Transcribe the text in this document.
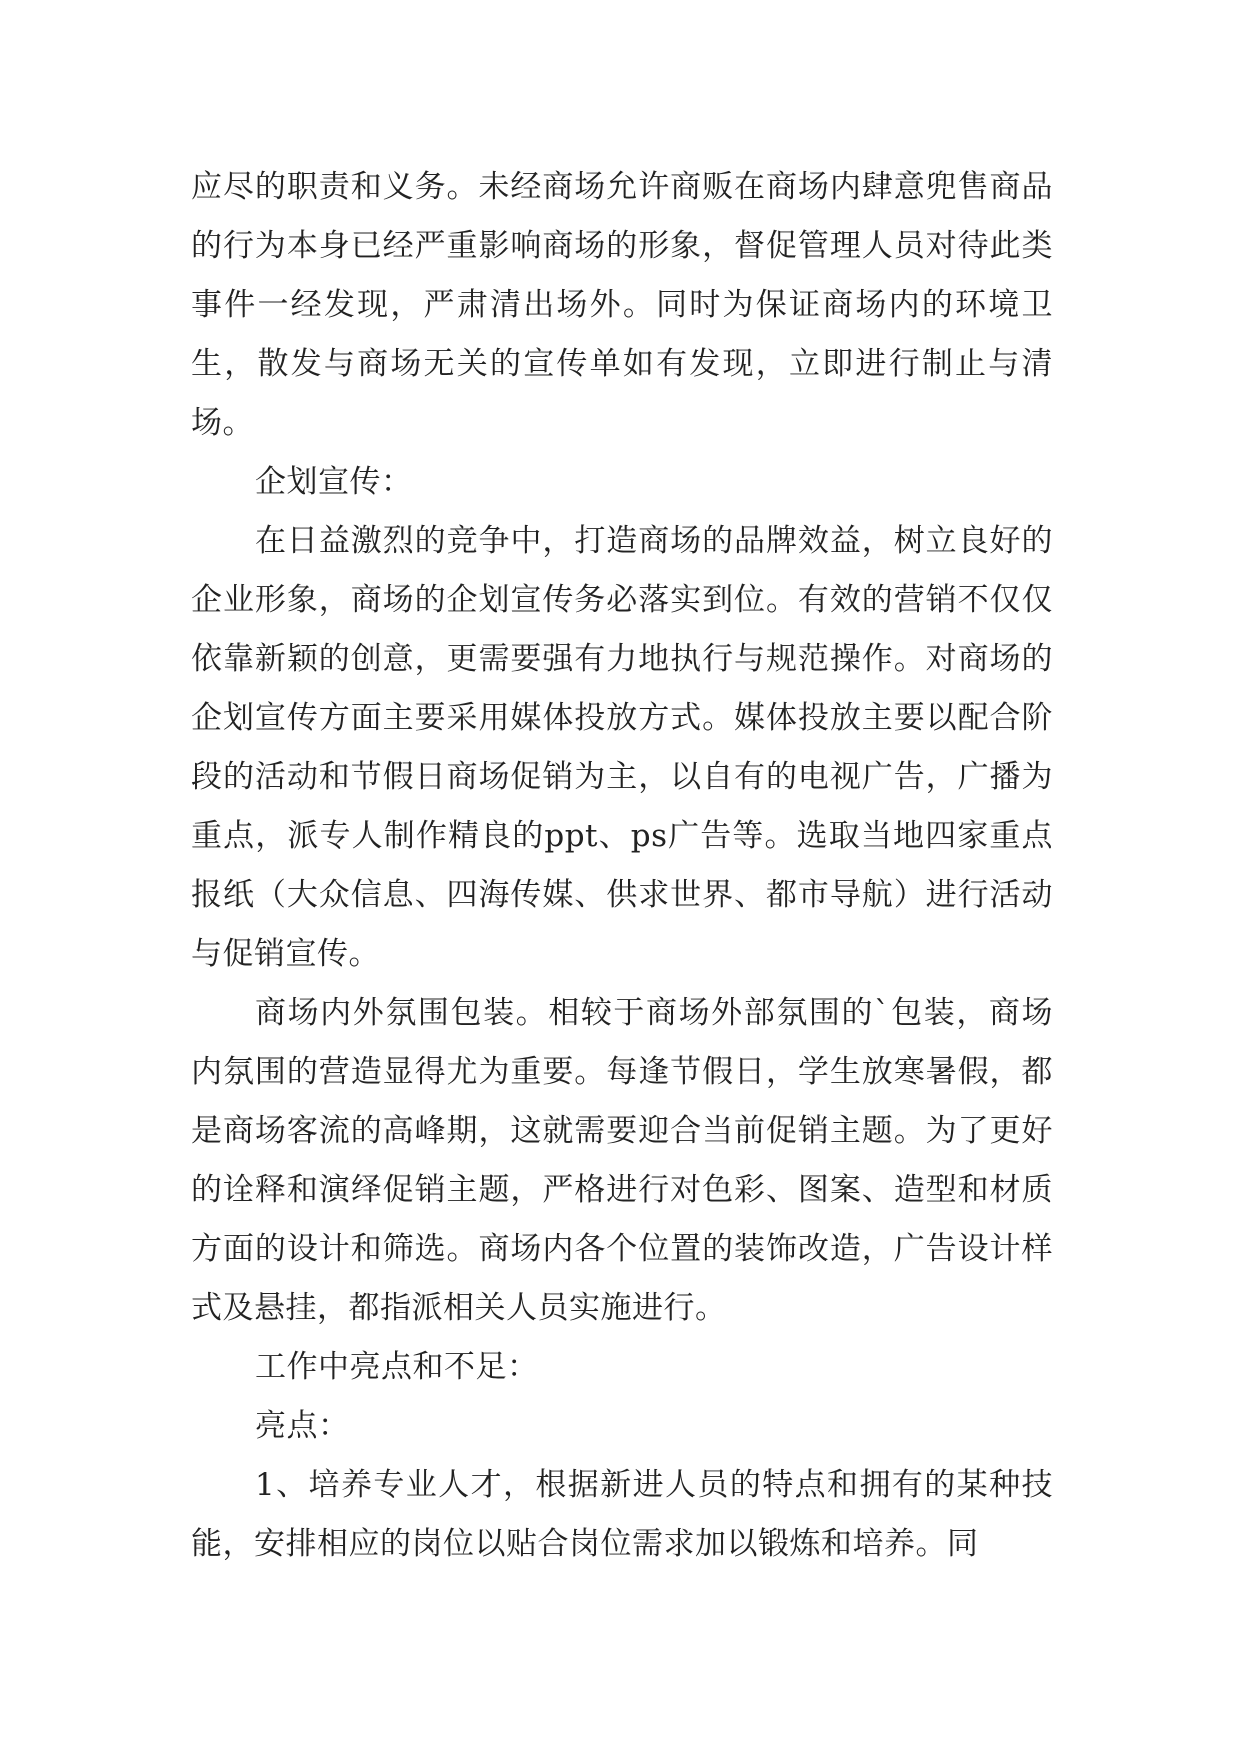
应尽的职责和义务。未经商场允许商贩在商场内肆意兜售商品的行为本身已经严重影响商场的形象，督促管理人员对待此类事件一经发现，严肃清出场外。同时为保证商场内的环境卫生，散发与商场无关的宣传单如有发现，立即进行制止与清场。

企划宣传：

在日益激烈的竞争中，打造商场的品牌效益，树立良好的企业形象，商场的企划宣传务必落实到位。有效的营销不仅仅依靠新颖的创意，更需要强有力地执行与规范操作。对商场的企划宣传方面主要采用媒体投放方式。媒体投放主要以配合阶段的活动和节假日商场促销为主，以自有的电视广告，广播为重点，派专人制作精良的ppt、ps广告等。选取当地四家重点报纸（大众信息、四海传媒、供求世界、都市导航）进行活动与促销宣传。

商场内外氛围包装。相较于商场外部氛围的`包装，商场内氛围的营造显得尤为重要。每逢节假日，学生放寒暑假，都是商场客流的高峰期，这就需要迎合当前促销主题。为了更好的诠释和演绎促销主题，严格进行对色彩、图案、造型和材质方面的设计和筛选。商场内各个位置的装饰改造，广告设计样式及悬挂，都指派相关人员实施进行。

工作中亮点和不足：

亮点：

1、培养专业人才，根据新进人员的特点和拥有的某种技能，安排相应的岗位以贴合岗位需求加以锻炼和培养。同
